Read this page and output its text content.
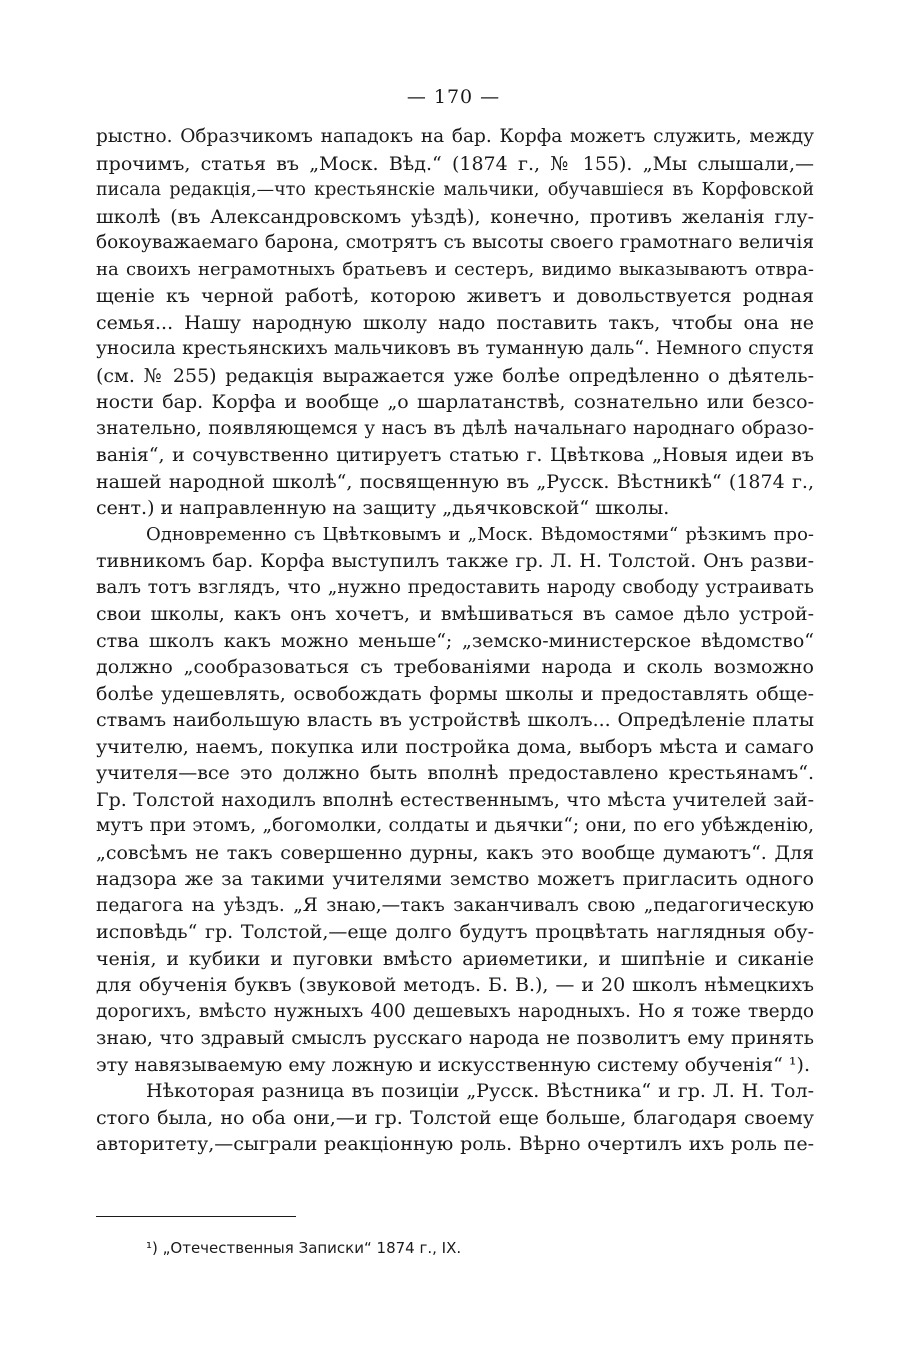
— 170 —
рыстно. Образчикомъ нападокъ на бар. Корфа можетъ служить, между
прочимъ, статья въ „Моск. Вѣд.“ (1874 г., № 155). „Мы слышали,—
писала редакція,—что крестьянскіе мальчики, обучавшіеся въ Корфовской
школѣ (въ Александровскомъ уѣздѣ), конечно, противъ желанія глу-
бокоуважаемаго барона, смотрятъ съ высоты своего грамотнаго величія
на своихъ неграмотныхъ братьевъ и сестеръ, видимо выказываютъ отвра-
щеніе къ черной работѣ, которою живетъ и довольствуется родная
семья... Нашу народную школу надо поставить такъ, чтобы она не
уносила крестьянскихъ мальчиковъ въ туманную даль“. Немного спустя
(см. № 255) редакція выражается уже болѣе опредѣленно о дѣятель-
ности бар. Корфа и вообще „о шарлатанствѣ, сознательно или безсо-
знательно, появляющемся у насъ въ дѣлѣ начальнаго народнаго образо-
ванія“, и сочувственно цитируетъ статью г. Цвѣткова „Новыя идеи въ
нашей народной школѣ“, посвященную въ „Русск. Вѣстникѣ“ (1874 г.,
сент.) и направленную на защиту „дьячковской“ школы.
Одновременно съ Цвѣтковымъ и „Моск. Вѣдомостями“ рѣзкимъ про-
тивникомъ бар. Корфа выступилъ также гр. Л. Н. Толстой. Онъ разви-
валъ тотъ взглядъ, что „нужно предоставить народу свободу устраивать
свои школы, какъ онъ хочетъ, и вмѣшиваться въ самое дѣло устрой-
ства школъ какъ можно меньше“; „земско-министерское вѣдомство“
должно „сообразоваться съ требованіями народа и сколь возможно
болѣе удешевлять, освобождать формы школы и предоставлять обще-
ствамъ наибольшую власть въ устройствѣ школъ... Опредѣленіе платы
учителю, наемъ, покупка или постройка дома, выборъ мѣста и самаго
учителя—все это должно быть вполнѣ предоставлено крестьянамъ“.
Гр. Толстой находилъ вполнѣ естественнымъ, что мѣста учителей зай-
мутъ при этомъ, „богомолки, солдаты и дьячки“; они, по его убѣжденію,
„совсѣмъ не такъ совершенно дурны, какъ это вообще думаютъ“. Для
надзора же за такими учителями земство можетъ пригласить одного
педагога на уѣздъ. „Я знаю,—такъ заканчивалъ свою „педагогическую
исповѣдь“ гр. Толстой,—еще долго будутъ процвѣтать наглядныя обу-
ченія, и кубики и пуговки вмѣсто ариѳметики, и шипѣніе и сиканіе
для обученія буквъ (звуковой методъ. Б. В.), — и 20 школъ нѣмецкихъ
дорогихъ, вмѣсто нужныхъ 400 дешевыхъ народныхъ. Но я тоже твердо
знаю, что здравый смыслъ русскаго народа не позволитъ ему принять
эту навязываемую ему ложную и искусственную систему обученія“ ¹).
Нѣкоторая разница въ позиціи „Русск. Вѣстника“ и гр. Л. Н. Тол-
стого была, но оба они,—и гр. Толстой еще больше, благодаря своему
авторитету,—сыграли реакціонную роль. Вѣрно очертилъ ихъ роль пе-
¹) „Отечественныя Записки“ 1874 г., IX.
